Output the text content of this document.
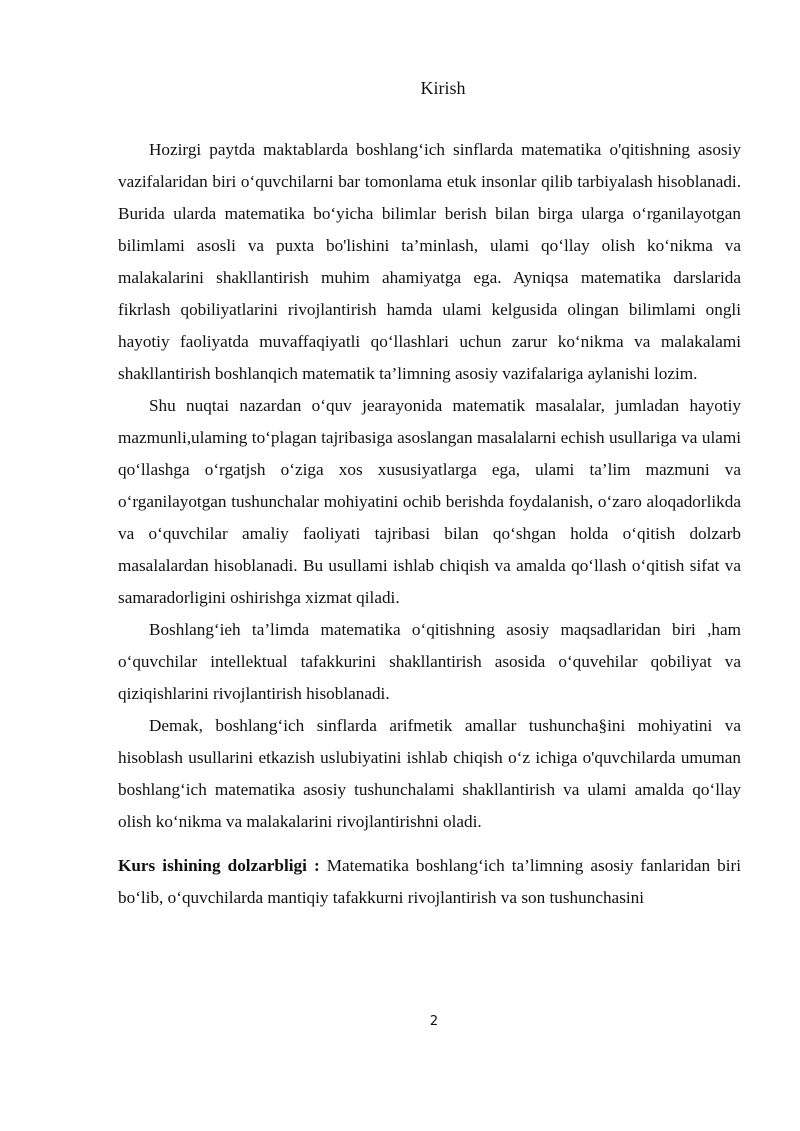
Kirish

Hozirgi paytda maktablarda boshlang‘ich sinflarda matematika o'qitishning asosiy vazifalaridan biri o‘quvchilarni bar tomonlama etuk insonlar qilib tarbiyalash hisoblanadi. Burida ularda matematika bo‘yicha bilimlar berish bilan birga ularga o‘rganilayotgan bilimlami asosli va puxta bo'lishini ta’minlash, ulami qo‘llay olish ko‘nikma va malakalarini shakllantirish muhim ahamiyatga ega. Ayniqsa matematika darslarida fikrlash qobiliyatlarini rivojlantirish hamda ulami kelgusida olingan bilimlami ongli hayotiy faoliyatda muvaffaqiyatli qo‘llashlari uchun zarur ko‘nikma va malakalami shakllantirish boshlanqich matematik ta’limning asosiy vazifalariga aylanishi lozim.

Shu nuqtai nazardan o‘quv jearayonida matematik masalalar, jumladan hayotiy mazmunli,ulaming to‘plagan tajribasiga asoslangan masalalarni echish usullariga va ulami qo‘llashga o‘rgatjsh o‘ziga xos xususiyatlarga ega, ulami ta’lim mazmuni va o‘rganilayotgan tushunchalar mohiyatini ochib berishda foydalanish, o‘zaro aloqadorlikda va o‘quvchilar amaliy faoliyati tajribasi bilan qo‘shgan holda o‘qitish dolzarb masalalardan hisoblanadi. Bu usullami ishlab chiqish va amalda qo‘llash o‘qitish sifat va samaradorligini oshirishga xizmat qiladi.

Boshlang‘ieh ta’limda matematika o‘qitishning asosiy maqsadlaridan biri ,ham o‘quvchilar intellektual tafakkurini shakllantirish asosida o‘quvehilar qobiliyat va qiziqishlarini rivojlantirish hisoblanadi.

Demak, boshlang‘ich sinflarda arifmetik amallar tushuncha§ini mohiyatini va hisoblash usullarini etkazish uslubiyatini ishlab chiqish o‘z ichiga o'quvchilarda umuman boshlang‘ich matematika asosiy tushunchalami shakllantirish va ulami amalda qo‘llay olish ko‘nikma va malakalarini rivojlantirishni oladi.

Kurs ishining dolzarbligi : Matematika boshlang‘ich ta’limning asosiy fanlaridan biri bo‘lib, o‘quvchilarda mantiqiy tafakkurni rivojlantirish va son tushunchasini

2
